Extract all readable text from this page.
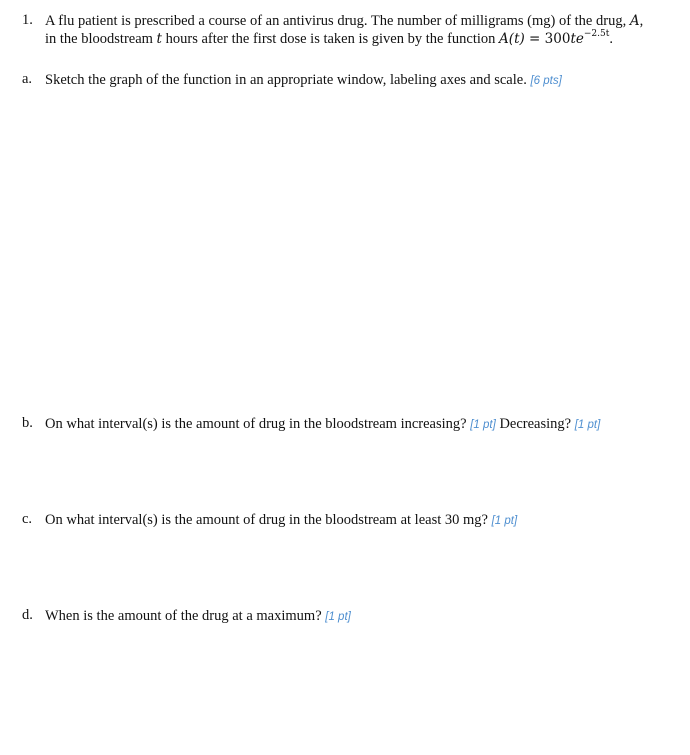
1. A flu patient is prescribed a course of an antivirus drug. The number of milligrams (mg) of the drug, A,
in the bloodstream t hours after the first dose is taken is given by the function $A(t) = 300te^{-2.5t}$.
a. Sketch the graph of the function in an appropriate window, labeling axes and scale. [6 pts]
b. On what interval(s) is the amount of drug in the bloodstream increasing? [1 pt] Decreasing? [1 pt]
c. On what interval(s) is the amount of drug in the bloodstream at least 30 mg? [1 pt]
d. When is the amount of the drug at a maximum? [1 pt]
